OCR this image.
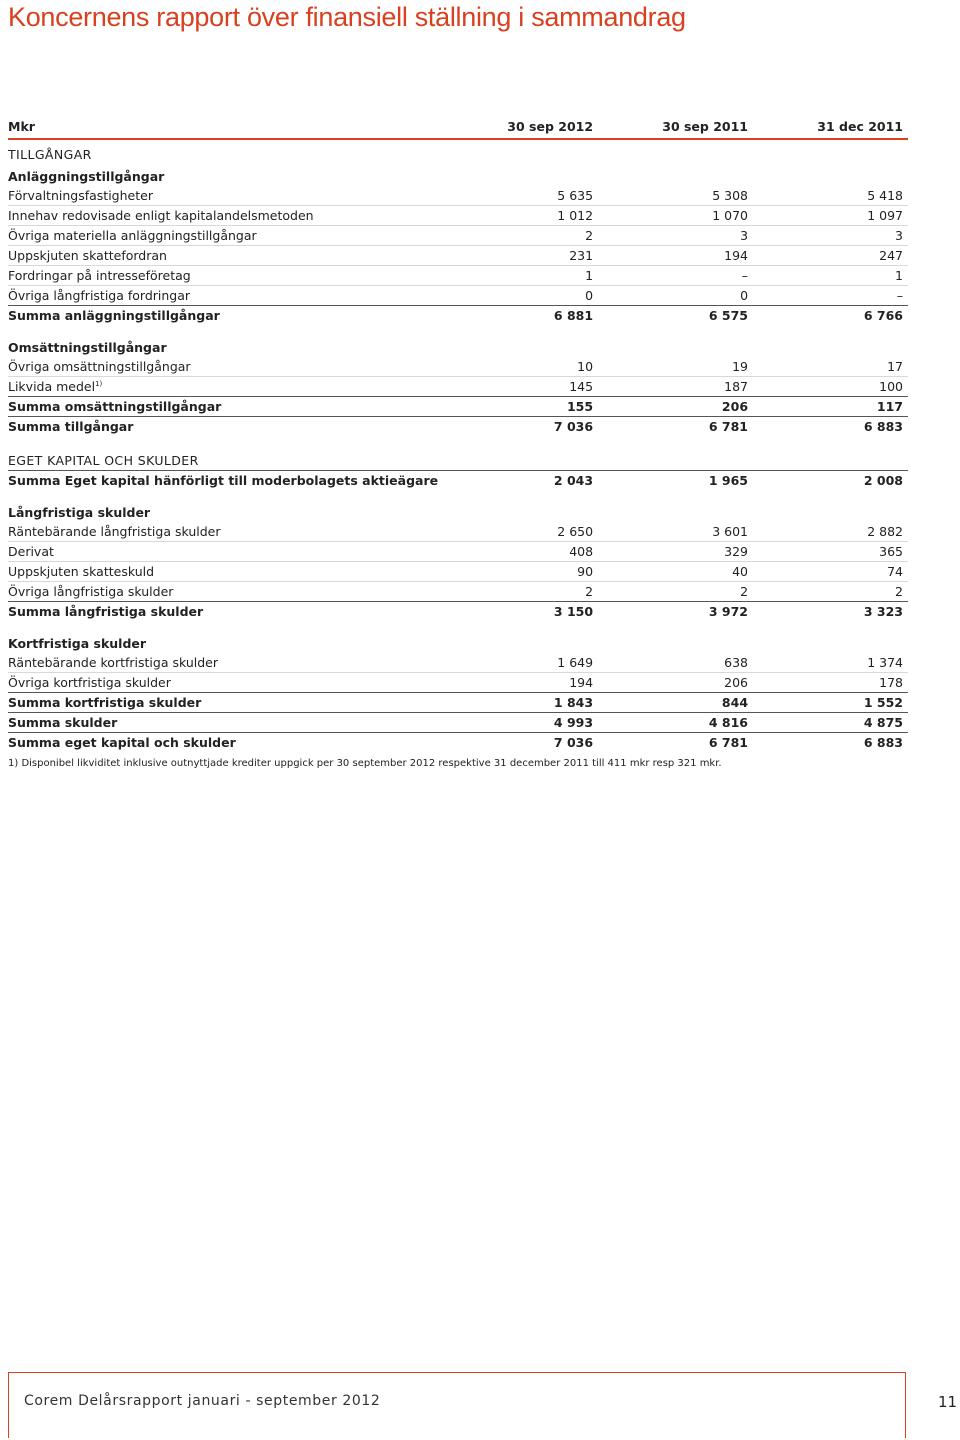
Koncernens rapport över finansiell ställning i sammandrag
Mkr	30 sep 2012	30 sep 2011	31 dec 2011
TILLGÅNGAR			
Anläggningstillgångar			
Förvaltningsfastigheter	5 635	5 308	5 418
Innehav redovisade enligt kapitalandelsmetoden	1 012	1 070	1 097
Övriga materiella anläggningstillgångar	2	3	3
Uppskjuten skattefordran	231	194	247
Fordringar på intresseföretag	1	–	1
Övriga långfristiga fordringar	0	0	–
Summa anläggningstillgångar	6 881	6 575	6 766

Omsättningstillgångar			
Övriga omsättningstillgångar	10	19	17
Likvida medel$^{1)}$	145	187	100
Summa omsättningstillgångar	155	206	117
Summa tillgångar	7 036	6 781	6 883

EGET KAPITAL OCH SKULDER			
Summa Eget kapital hänförligt till moderbolagets aktieägare	2 043	1 965	2 008

Långfristiga skulder			
Räntebärande långfristiga skulder	2 650	3 601	2 882
Derivat	408	329	365
Uppskjuten skatteskuld	90	40	74
Övriga långfristiga skulder	2	2	2
Summa långfristiga skulder	3 150	3 972	3 323

Kortfristiga skulder			
Räntebärande kortfristiga skulder	1 649	638	1 374
Övriga kortfristiga skulder	194	206	178
Summa kortfristiga skulder	1 843	844	1 552
Summa skulder	4 993	4 816	4 875
Summa eget kapital och skulder	7 036	6 781	6 883
1) Disponibel likviditet inklusive outnyttjade krediter uppgick per 30 september 2012 respektive 31 december 2011 till 411 mkr resp 321 mkr.
Corem Delårsrapport januari - september 2012	11
